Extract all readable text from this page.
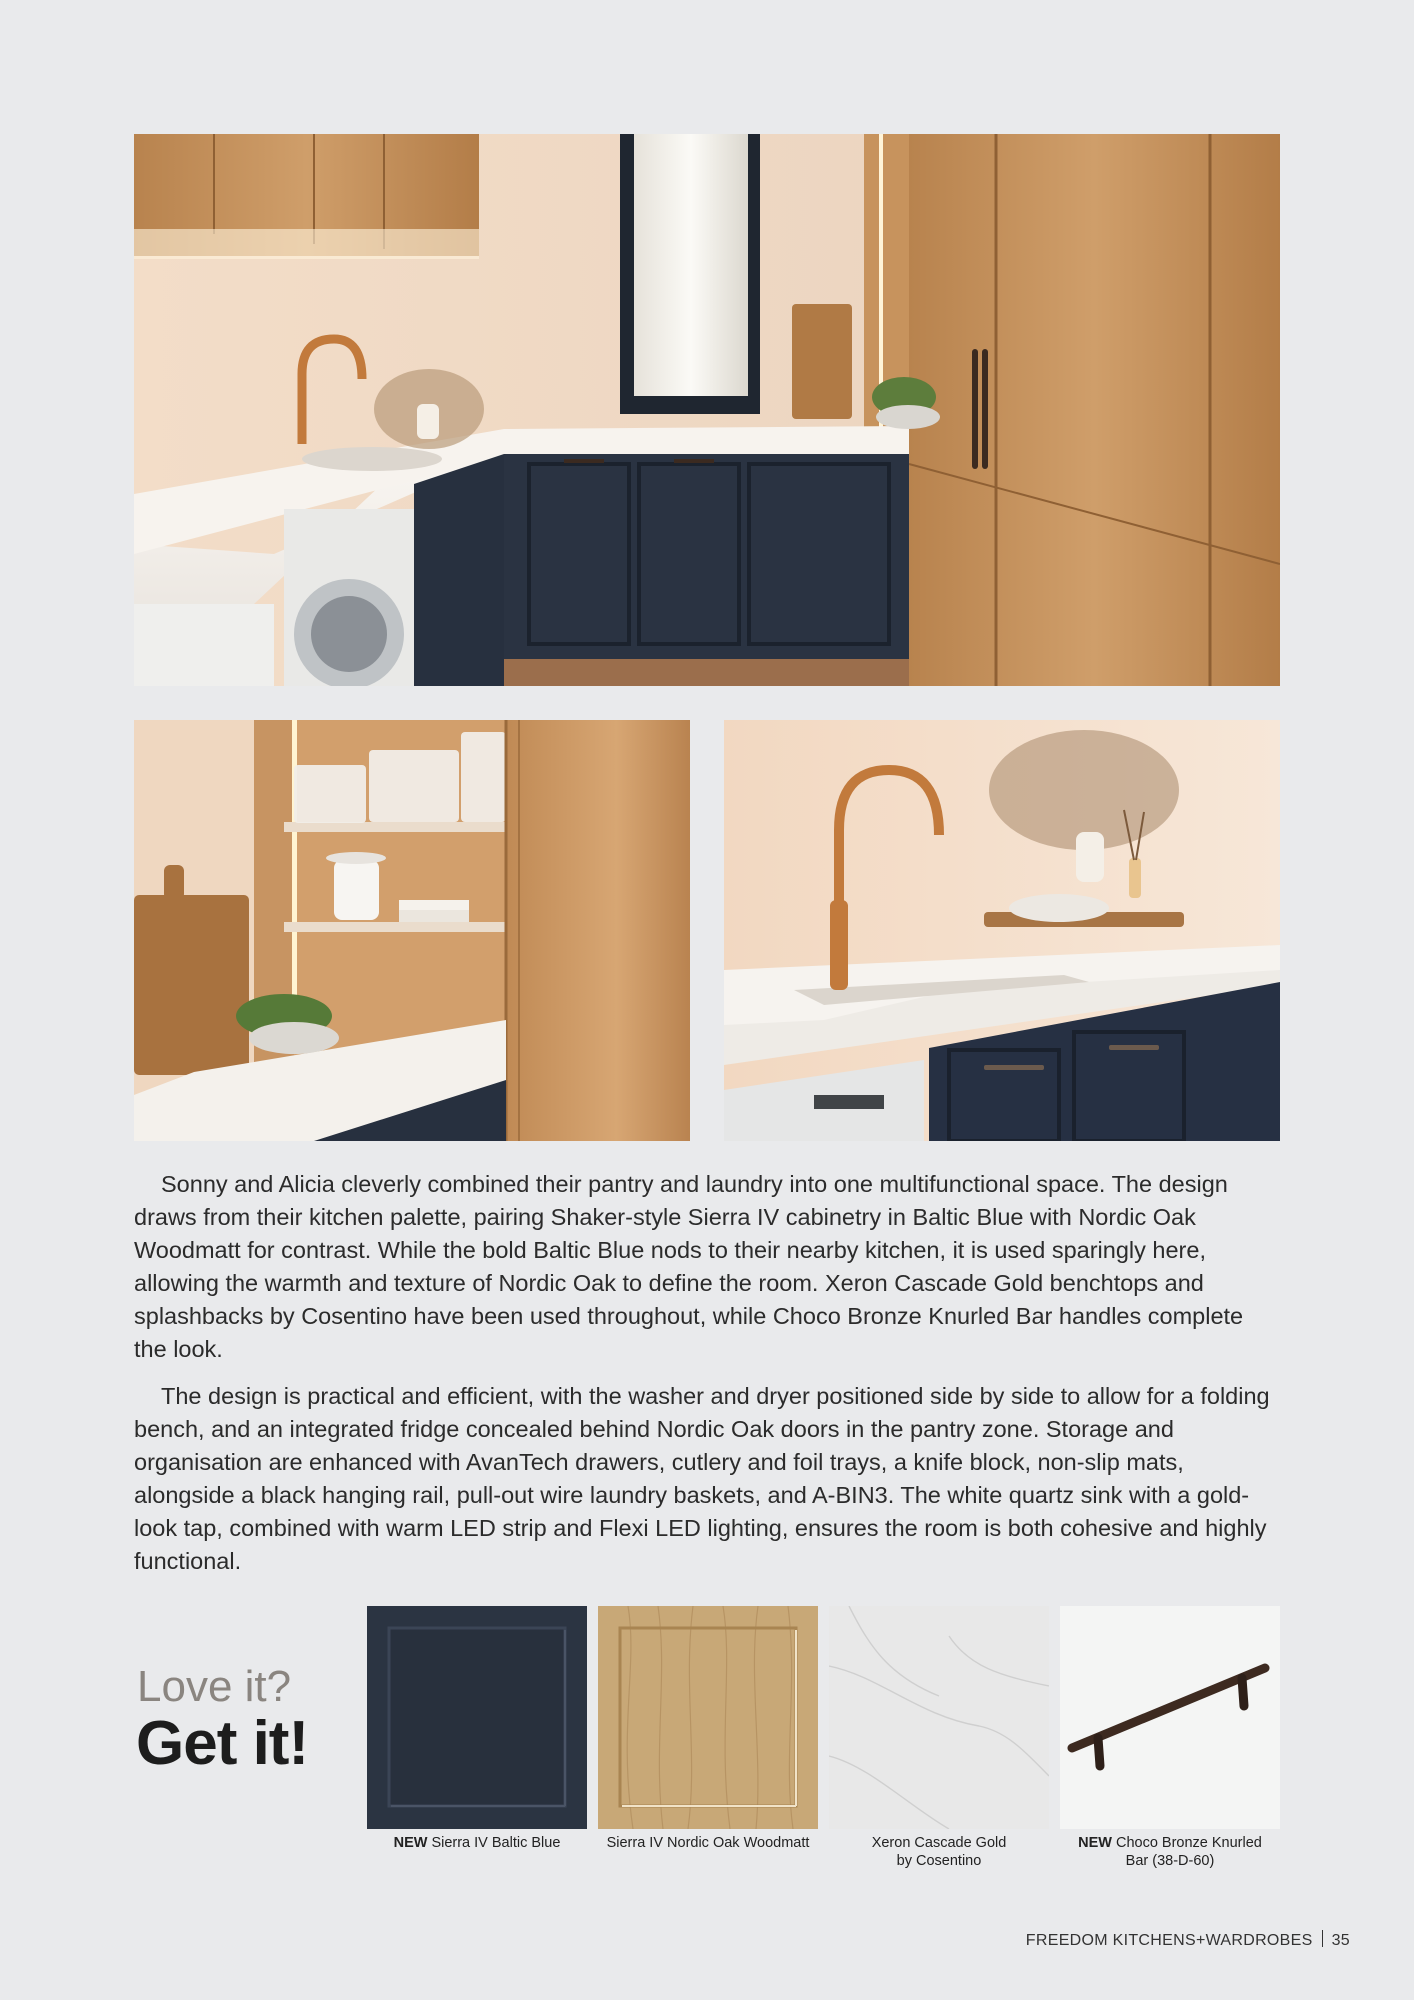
Sonny and Alicia cleverly combined their pantry and laundry into one multifunctional space. The design draws from their kitchen palette, pairing Shaker-style Sierra IV cabinetry in Baltic Blue with Nordic Oak Woodmatt for contrast. While the bold Baltic Blue nods to their nearby kitchen, it is used sparingly here, allowing the warmth and texture of Nordic Oak to define the room. Xeron Cascade Gold benchtops and splashbacks by Cosentino have been used throughout, while Choco Bronze Knurled Bar handles complete the look.

The design is practical and efficient, with the washer and dryer positioned side by side to allow for a folding bench, and an integrated fridge concealed behind Nordic Oak doors in the pantry zone. Storage and organisation are enhanced with AvanTech drawers, cutlery and foil trays, a knife block, non-slip mats, alongside a black hanging rail, pull-out wire laundry baskets, and A-BIN3. The white quartz sink with a gold-look tap, combined with warm LED strip and Flexi LED lighting, ensures the room is both cohesive and highly functional.

Love it?
Get it!
NEW Sierra IV Baltic Blue	Sierra IV Nordic Oak Woodmatt	Xeron Cascade Gold by Cosentino
NEW Choco Bronze Knurled Bar (38-D-60)
FREEDOM KITCHENS+WARDROBES 35
